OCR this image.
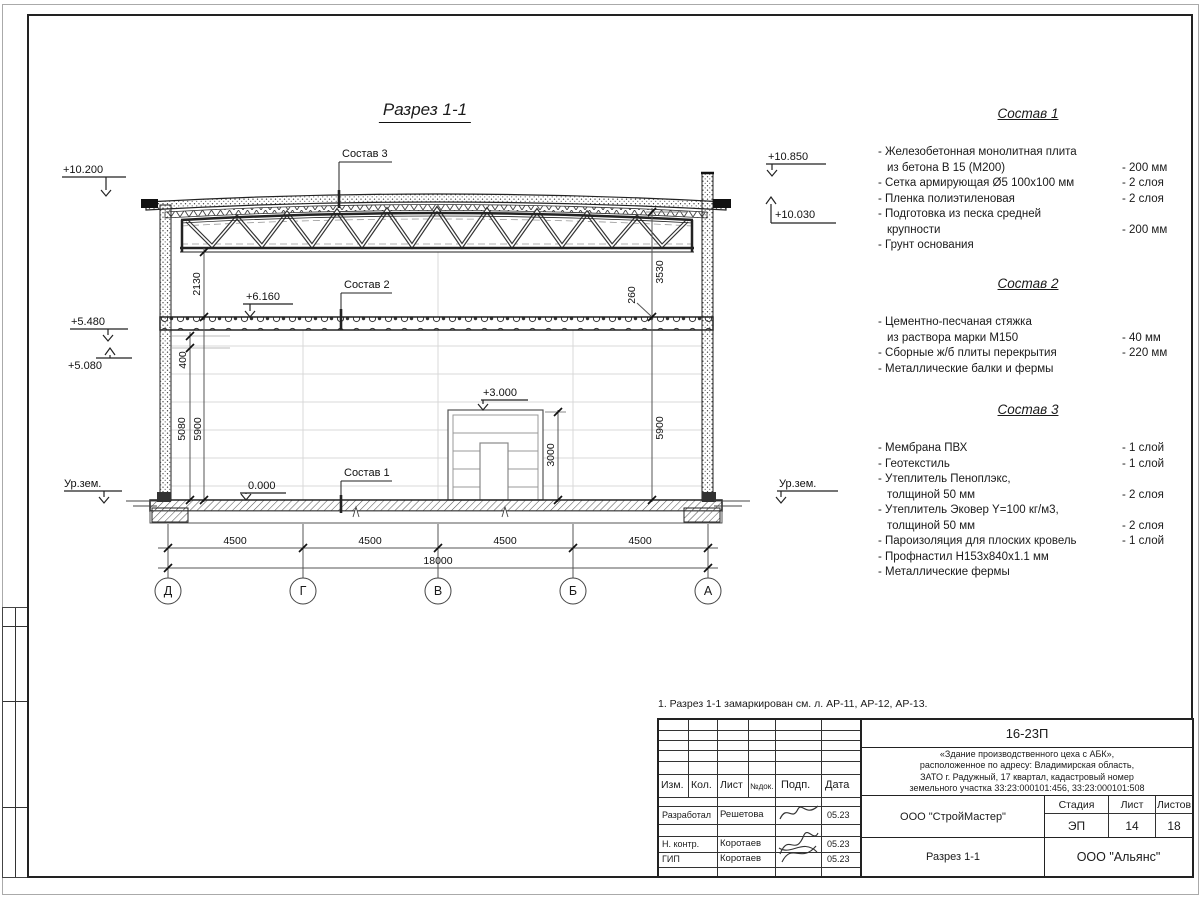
Разрез 1-1
Состав 3
Состав 2
Состав 1
+10.200
+5.480
+5.080
Ур.зем.
+10.850
+10.030
Ур.зем.
+6.160
0.000
+3.000
2130
400
5080 5900
3530
260
5900
3000
4500	4500	4500	4500
18000
Д	Г	В	Б	А
Состав 1
- Железобетонная монолитная плита
из бетона В 15 (М200)	- 200 мм
- Сетка армирующая Ø5 100х100 мм	- 2 слоя
- Пленка полиэтиленовая	- 2 слоя
- Подготовка из песка средней
крупности	- 200 мм
- Грунт основания
Состав 2
- Цементно-песчаная стяжка
из раствора марки М150	- 40 мм
- Сборные ж/б плиты перекрытия	- 220 мм
- Металлические балки и фермы
Состав 3
- Мембрана ПВХ	- 1 слой
- Геотекстиль	- 1 слой
- Утеплитель Пеноплэкс,
толщиной 50 мм	- 2 слоя
- Утеплитель Эковер Y=100 кг/м3,
толщиной 50 мм	- 2 слоя
- Пароизоляция для плоских кровель	- 1 слой
- Профнастил Н153х840х1.1 мм
- Металлические фермы
1. Разрез 1-1 замаркирован см. л. АР-11, АР-12, АР-13.
Изм. Кол. Лист №док. Подп. Дата
Разработал Решетова	05.23
Н. контр. Коротаев	05.23
ГИП	Коротаев	05.23
16-23П
«Здание производственного цеха с АБК»,
расположенное по адресу: Владимирская область,
ЗАТО г. Радужный, 17 квартал, кадастровый номер
земельного участка 33:23:000101:456, 33:23:000101:508
ООО "СтройМастер"
Стадия
ЭП
Лист
14
Листов
18
Разрез 1-1	ООО "Альянс"
